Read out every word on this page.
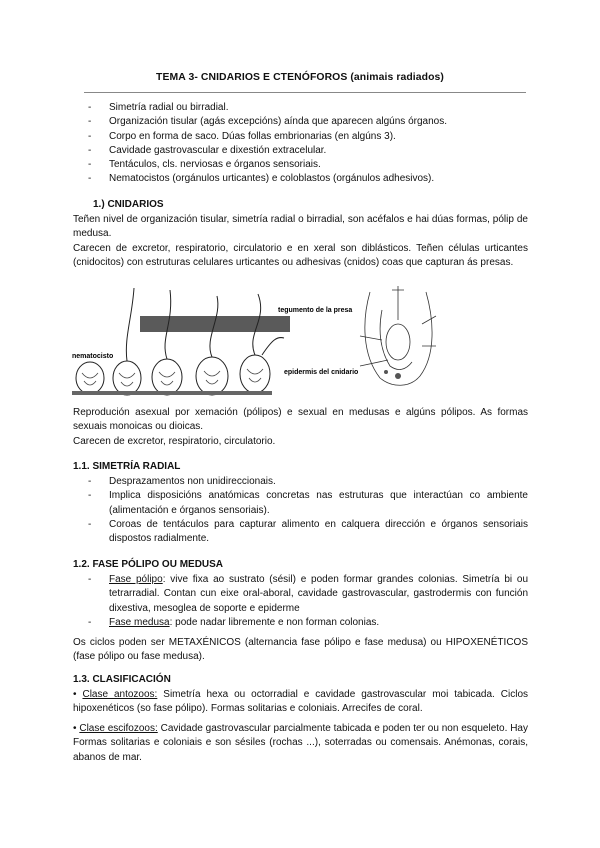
TEMA 3- CNIDARIOS E CTENÓFOROS (animais radiados)
- Simetría radial ou birradial.
- Organización tisular (agás excepcións) aínda que aparecen algúns órganos.
- Corpo en forma de saco. Dúas follas embrionarias (en algúns 3).
- Cavidade gastrovascular e dixestión extracelular.
- Tentáculos, cls. nerviosas e órganos sensoriais.
- Nematocistos (orgánulos urticantes) e coloblastos (orgánulos adhesivos).
1.) CNIDARIOS

Teñen nivel de organización tisular, simetría radial o birradial, son acéfalos e hai dúas formas, pólip de medusa.

Carecen de excretor, respiratorio, circulatorio e en xeral son diblásticos. Teñen células urticantes (cnidocitos) con estruturas celulares urticantes ou adhesivas (cnidos) coas que capturan ás presas.

tegumento de la presa
nematocisto
epidermis del cnidario

Reprodución asexual por xemación (pólipos) e sexual en medusas e algúns pólipos. As formas sexuais monoicas ou dioicas.

Carecen de excretor, respiratorio, circulatorio.

1.1. SIMETRÍA RADIAL
- Desprazamentos non unidireccionais.
- Implica disposicións anatómicas concretas nas estruturas que interactúan co ambiente (alimentación e órganos sensoriais).
- Coroas de tentáculos para capturar alimento en calquera dirección e órganos sensoriais dispostos radialmente.
1.2. FASE PÓLIPO OU MEDUSA
- Fase pólipo: vive fixa ao sustrato (sésil) e poden formar grandes colonias. Simetría bi ou tetrarradial. Contan cun eixe oral-aboral, cavidade gastrovascular, gastrodermis con función dixestiva, mesoglea de soporte e epiderme
- Fase medusa: pode nadar libremente e non forman colonias.

Os ciclos poden ser METAXÉNICOS (alternancia fase pólipo e fase medusa) ou HIPOXENÉTICOS (fase pólipo ou fase medusa).

1.3. CLASIFICACIÓN

• Clase antozoos: Simetría hexa ou octorradial e cavidade gastrovascular moi tabicada. Ciclos hipoxenéticos (so fase pólipo). Formas solitarias e coloniais. Arrecifes de coral.

• Clase escifozoos: Cavidade gastrovascular parcialmente tabicada e poden ter ou non esqueleto. Hay Formas solitarias e coloniais e son sésiles (rochas ...), soterradas ou comensais. Anémonas, corais, abanos de mar.
